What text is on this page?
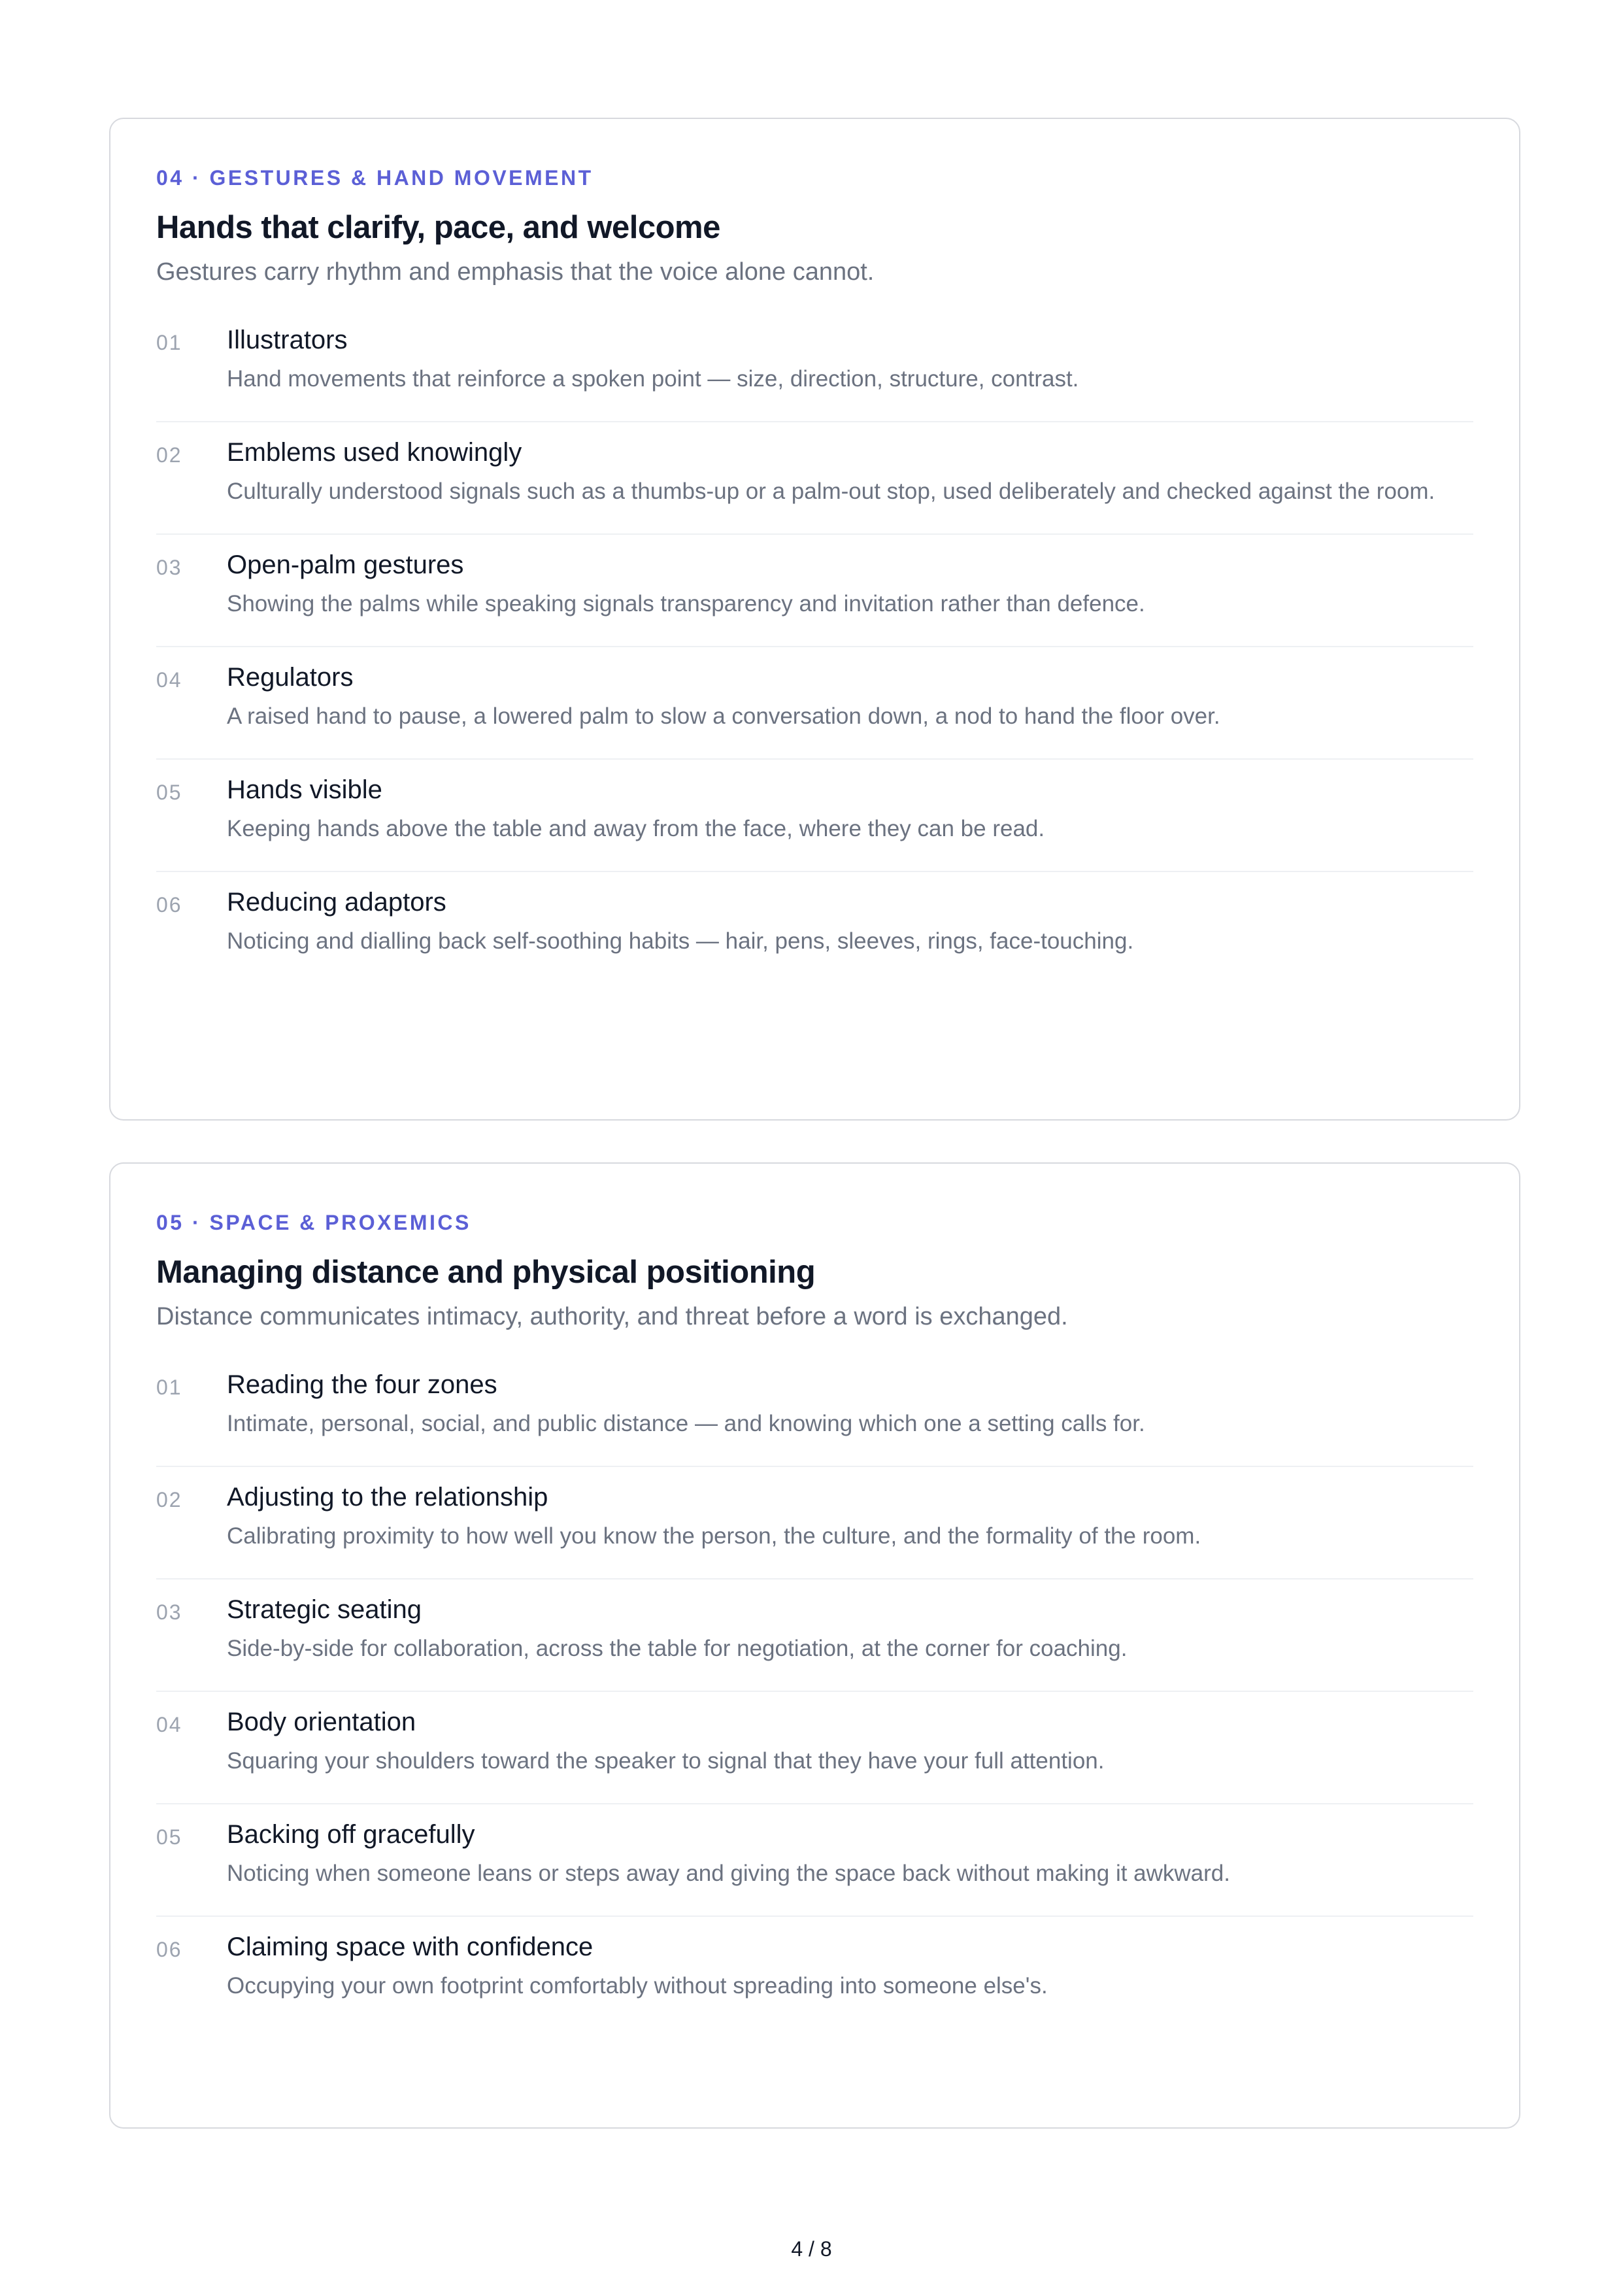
04 · GESTURES & HAND MOVEMENT
Hands that clarify, pace, and welcome
Gestures carry rhythm and emphasis that the voice alone cannot.
01	Illustrators
Hand movements that reinforce a spoken point — size, direction, structure, contrast.
02	Emblems used knowingly
Culturally understood signals such as a thumbs-up or a palm-out stop, used deliberately and checked against the room.
03	Open-palm gestures
Showing the palms while speaking signals transparency and invitation rather than defence.
04	Regulators
A raised hand to pause, a lowered palm to slow a conversation down, a nod to hand the floor over.
05	Hands visible
Keeping hands above the table and away from the face, where they can be read.
06	Reducing adaptors
Noticing and dialling back self-soothing habits — hair, pens, sleeves, rings, face-touching.
05 · SPACE & PROXEMICS
Managing distance and physical positioning
Distance communicates intimacy, authority, and threat before a word is exchanged.
01	Reading the four zones
Intimate, personal, social, and public distance — and knowing which one a setting calls for.
02	Adjusting to the relationship
Calibrating proximity to how well you know the person, the culture, and the formality of the room.
03	Strategic seating
Side-by-side for collaboration, across the table for negotiation, at the corner for coaching.
04	Body orientation
Squaring your shoulders toward the speaker to signal that they have your full attention.
05	Backing off gracefully
Noticing when someone leans or steps away and giving the space back without making it awkward.
06	Claiming space with confidence
Occupying your own footprint comfortably without spreading into someone else's.
4 / 8
